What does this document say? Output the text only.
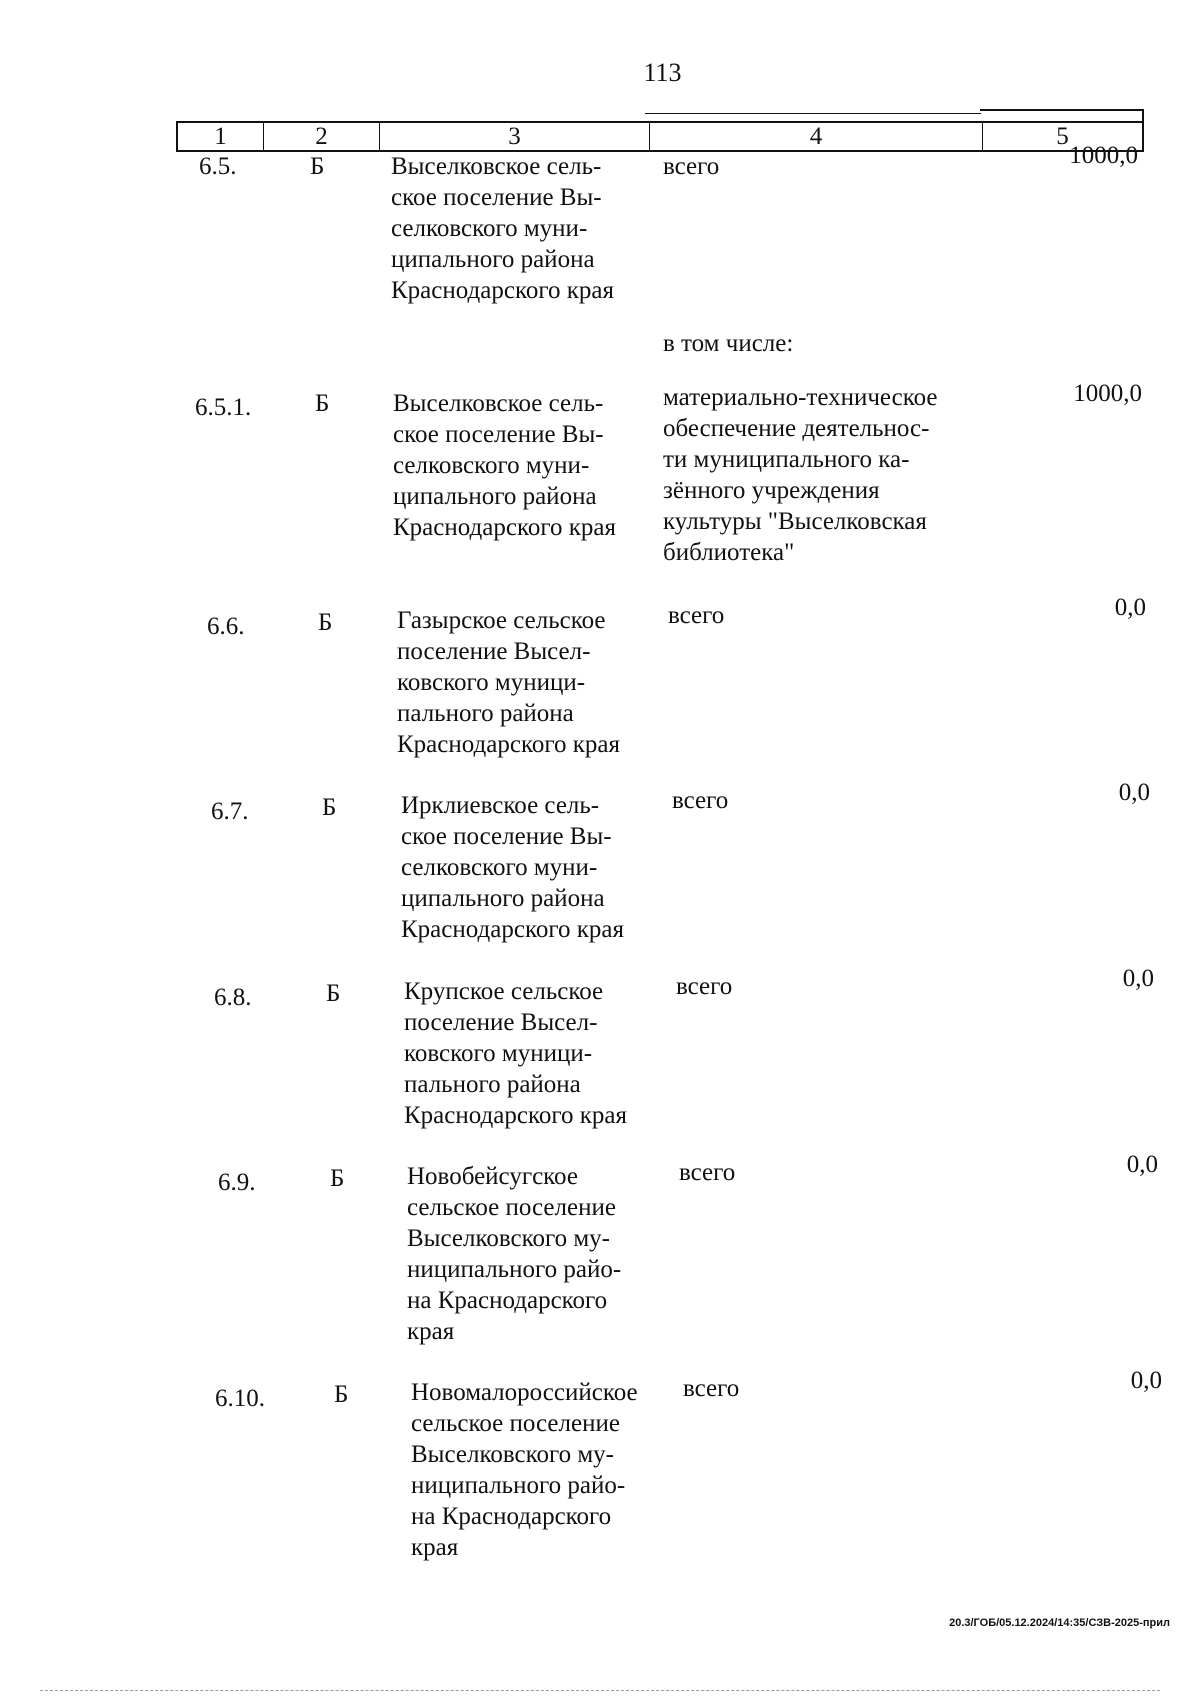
113
1	2	3	4	5
6.5.	Б	Выселковское сель-
ское поселение Вы-
селковского муни-
ципального района
Краснодарского края
всего	1000,0
в том числе:
6.5.1.	Б	Выселковское сель-
ское поселение Вы-
селковского муни-
ципального района
Краснодарского края
материально-техническое
обеспечение деятельнос-
ти муниципального ка-
зённого учреждения
культуры "Выселковская
библиотека"
1000,0
6.6.	Б	Газырское сельское
поселение Высел-
ковского муници-
пального района
Краснодарского края
всего	0,0
6.7.	Б	Ирклиевское сель-
ское поселение Вы-
селковского муни-
ципального района
Краснодарского края
всего	0,0
6.8.	Б	Крупское сельское
поселение Высел-
ковского муници-
пального района
Краснодарского края
всего	0,0
6.9.	Б	Новобейсугское
сельское поселение
Выселковского му-
ниципального райо-
на Краснодарского
края
всего	0,0
6.10.	Б	Новомалороссийское
сельское поселение
Выселковского му-
ниципального райо-
на Краснодарского
края
всего	0,0
20.3/ГОБ/05.12.2024/14:35/СЗВ-2025-прил
